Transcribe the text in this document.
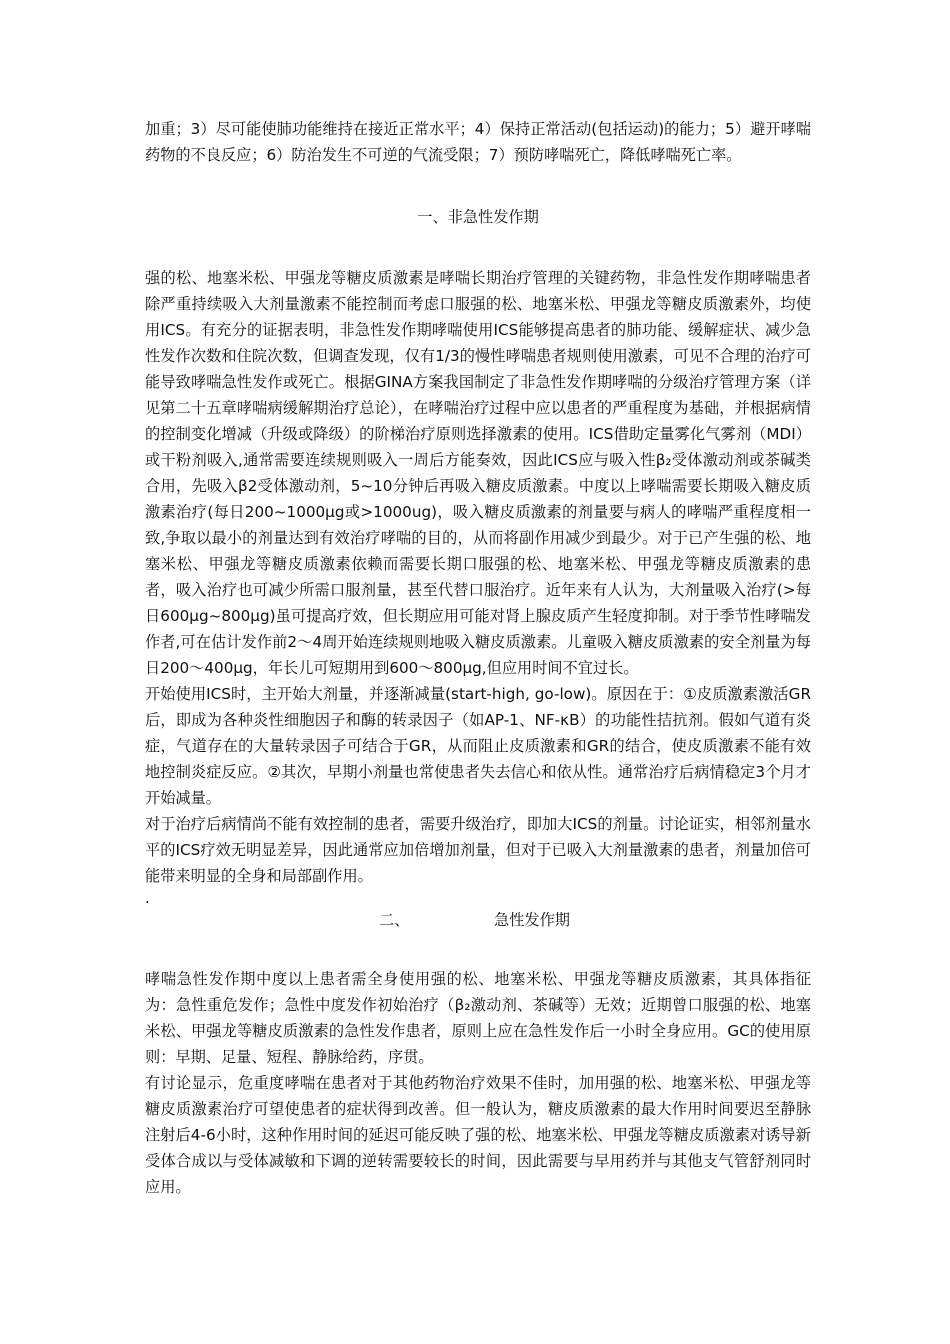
加重；3）尽可能使肺功能维持在接近正常水平；4）保持正常活动(包括运动)的能力；5）避开哮喘药物的不良反应；6）防治发生不可逆的气流受限；7）预防哮喘死亡，降低哮喘死亡率。

一、非急性发作期

强的松、地塞米松、甲强龙等糖皮质激素是哮喘长期治疗管理的关键药物，非急性发作期哮喘患者除严重持续吸入大剂量激素不能控制而考虑口服强的松、地塞米松、甲强龙等糖皮质激素外，均使用ICS。有充分的证据表明，非急性发作期哮喘使用ICS能够提高患者的肺功能、缓解症状、减少急性发作次数和住院次数，但调查发现，仅有1/3的慢性哮喘患者规则使用激素，可见不合理的治疗可能导致哮喘急性发作或死亡。根据GINA方案我国制定了非急性发作期哮喘的分级治疗管理方案（详见第二十五章哮喘病缓解期治疗总论），在哮喘治疗过程中应以患者的严重程度为基础，并根据病情的控制变化增减（升级或降级）的阶梯治疗原则选择激素的使用。ICS借助定量雾化气雾剂（MDI）或干粉剂吸入,通常需要连续规则吸入一周后方能奏效，因此ICS应与吸入性β₂受体激动剂或茶碱类合用，先吸入β2受体激动剂，5~10分钟后再吸入糖皮质激素。中度以上哮喘需要长期吸入糖皮质激素治疗(每日200~1000μg或>1000ug)，吸入糖皮质激素的剂量要与病人的哮喘严重程度相一致,争取以最小的剂量达到有效治疗哮喘的目的，从而将副作用减少到最少。对于已产生强的松、地塞米松、甲强龙等糖皮质激素依赖而需要长期口服强的松、地塞米松、甲强龙等糖皮质激素的患者，吸入治疗也可减少所需口服剂量，甚至代替口服治疗。近年来有人认为，大剂量吸入治疗(>每日600μg~800μg)虽可提高疗效，但长期应用可能对肾上腺皮质产生轻度抑制。对于季节性哮喘发作者,可在估计发作前2～4周开始连续规则地吸入糖皮质激素。儿童吸入糖皮质激素的安全剂量为每日200～400μg，年长儿可短期用到600～800μg,但应用时间不宜过长。

开始使用ICS时，主开始大剂量，并逐渐减量(start-high, go-low)。原因在于：①皮质激素激活GR后，即成为各种炎性细胞因子和酶的转录因子（如AP-1、NF-κB）的功能性拮抗剂。假如气道有炎症，气道存在的大量转录因子可结合于GR，从而阻止皮质激素和GR的结合，使皮质激素不能有效地控制炎症反应。②其次，早期小剂量也常使患者失去信心和依从性。通常治疗后病情稳定3个月才开始减量。

对于治疗后病情尚不能有效控制的患者，需要升级治疗，即加大ICS的剂量。讨论证实，相邻剂量水平的ICS疗效无明显差异，因此通常应加倍增加剂量，但对于已吸入大剂量激素的患者，剂量加倍可能带来明显的全身和局部副作用。

.

二、	急性发作期

哮喘急性发作期中度以上患者需全身使用强的松、地塞米松、甲强龙等糖皮质激素，其具体指征为：急性重危发作；急性中度发作初始治疗（β₂激动剂、茶碱等）无效；近期曾口服强的松、地塞米松、甲强龙等糖皮质激素的急性发作患者，原则上应在急性发作后一小时全身应用。GC的使用原则：早期、足量、短程、静脉给药，序贯。

有讨论显示，危重度哮喘在患者对于其他药物治疗效果不佳时，加用强的松、地塞米松、甲强龙等糖皮质激素治疗可望使患者的症状得到改善。但一般认为，糖皮质激素的最大作用时间要迟至静脉注射后4-6小时，这种作用时间的延迟可能反映了强的松、地塞米松、甲强龙等糖皮质激素对诱导新受体合成以与受体减敏和下调的逆转需要较长的时间，因此需要与早用药并与其他支气管舒剂同时应用。
